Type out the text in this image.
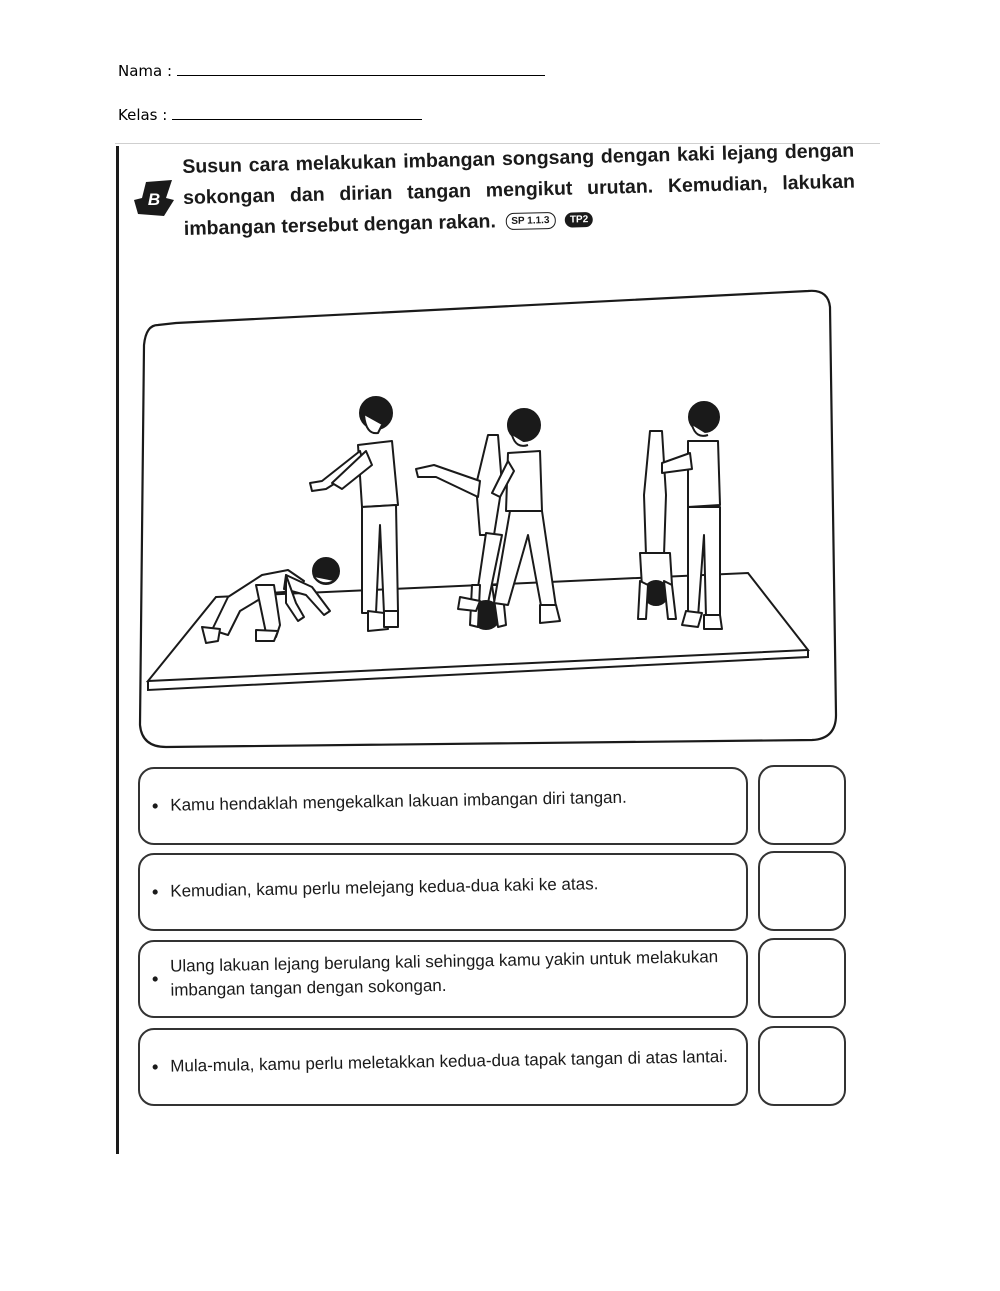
Nama :
Kelas :
B
Susun cara melakukan imbangan songsang dengan kaki lejang dengan sokongan dan dirian tangan mengikut urutan. Kemudian, lakukan imbangan tersebut dengan rakan. SP 1.1.3 TP2
• Kamu hendaklah mengekalkan lakuan imbangan diri tangan.
• Kemudian, kamu perlu melejang kedua-dua kaki ke atas.
•
Ulang lakuan lejang berulang kali sehingga kamu yakin untuk melakukan imbangan tangan dengan sokongan.
• Mula-mula, kamu perlu meletakkan kedua-dua tapak tangan di atas lantai.
